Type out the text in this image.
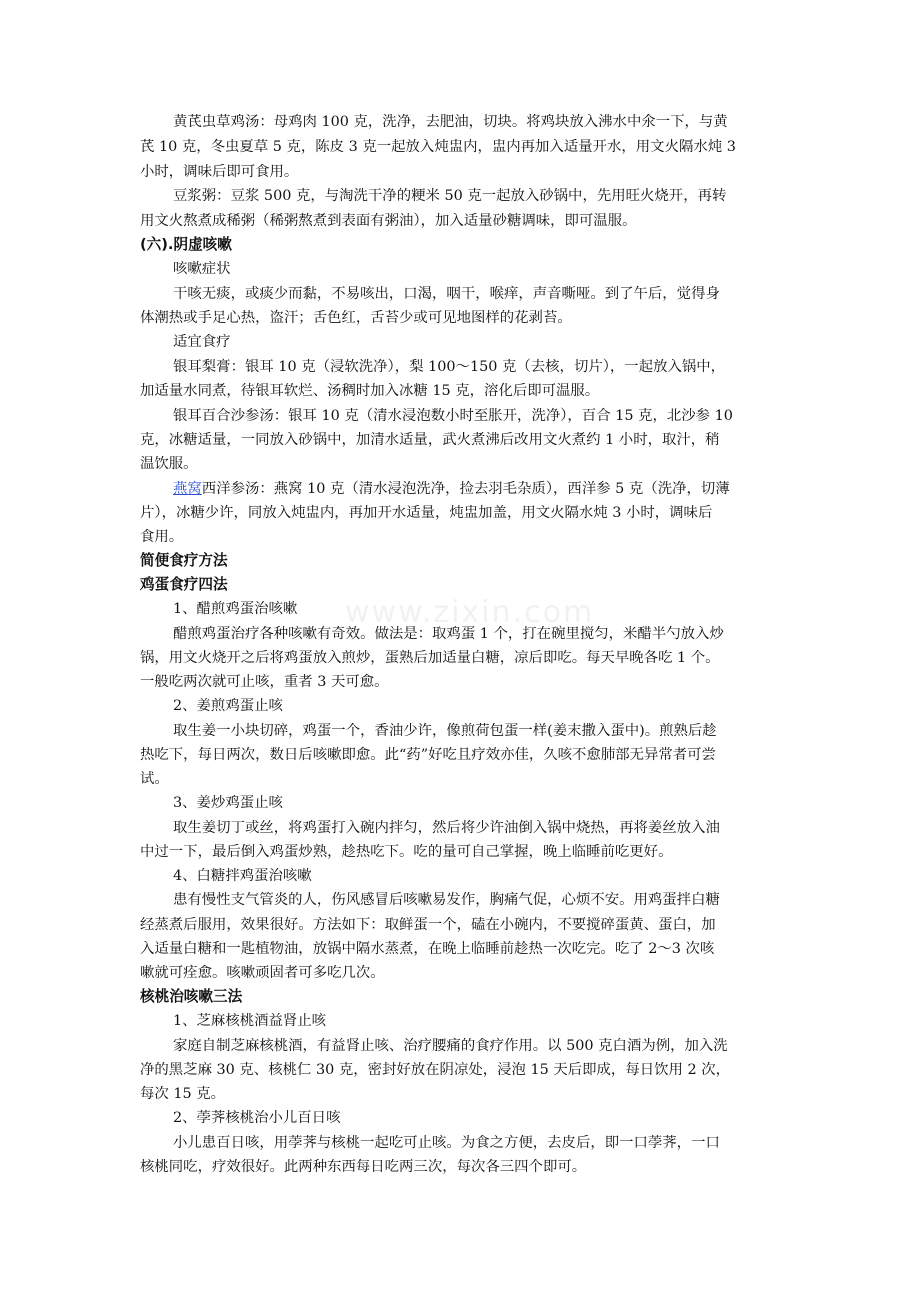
www.zixin.com

黄芪虫草鸡汤：母鸡肉 100 克，洗净，去肥油，切块。将鸡块放入沸水中氽一下，与黄

芪 10 克，冬虫夏草 5 克，陈皮 3 克一起放入炖盅内，盅内再加入适量开水，用文火隔水炖 3

小时，调味后即可食用。

豆浆粥：豆浆 500 克，与淘洗干净的粳米 50 克一起放入砂锅中，先用旺火烧开，再转

用文火熬煮成稀粥（稀粥熬煮到表面有粥油），加入适量砂糖调味，即可温服。

(六).阴虚咳嗽

咳嗽症状

干咳无痰，或痰少而黏，不易咳出，口渴，咽干，喉痒，声音嘶哑。到了午后，觉得身

体潮热或手足心热，盗汗；舌色红，舌苔少或可见地图样的花剥苔。

适宜食疗

银耳梨膏：银耳 10 克（浸软洗净），梨 100～150 克（去核，切片），一起放入锅中，

加适量水同煮，待银耳软烂、汤稠时加入冰糖 15 克，溶化后即可温服。

银耳百合沙参汤：银耳 10 克（清水浸泡数小时至胀开，洗净），百合 15 克，北沙参 10

克，冰糖适量，一同放入砂锅中，加清水适量，武火煮沸后改用文火煮约 1 小时，取汁，稍

温饮服。

燕窝西洋参汤：燕窝 10 克（清水浸泡洗净，捡去羽毛杂质），西洋参 5 克（洗净，切薄

片），冰糖少许，同放入炖盅内，再加开水适量，炖盅加盖，用文火隔水炖 3 小时，调味后

食用。

简便食疗方法

鸡蛋食疗四法

1、醋煎鸡蛋治咳嗽

醋煎鸡蛋治疗各种咳嗽有奇效。做法是：取鸡蛋 1 个，打在碗里搅匀，米醋半勺放入炒

锅，用文火烧开之后将鸡蛋放入煎炒，蛋熟后加适量白糖，凉后即吃。每天早晚各吃 1 个。

一般吃两次就可止咳，重者 3 天可愈。

2、姜煎鸡蛋止咳

取生姜一小块切碎，鸡蛋一个，香油少许，像煎荷包蛋一样(姜末撒入蛋中)。煎熟后趁

热吃下，每日两次，数日后咳嗽即愈。此“药”好吃且疗效亦佳，久咳不愈肺部无异常者可尝

试。

3、姜炒鸡蛋止咳

取生姜切丁或丝，将鸡蛋打入碗内拌匀，然后将少许油倒入锅中烧热，再将姜丝放入油

中过一下，最后倒入鸡蛋炒熟，趁热吃下。吃的量可自己掌握，晚上临睡前吃更好。

4、白糖拌鸡蛋治咳嗽

患有慢性支气管炎的人，伤风感冒后咳嗽易发作，胸痛气促，心烦不安。用鸡蛋拌白糖

经蒸煮后服用，效果很好。方法如下：取鲜蛋一个，磕在小碗内，不要搅碎蛋黄、蛋白，加

入适量白糖和一匙植物油，放锅中隔水蒸煮，在晚上临睡前趁热一次吃完。吃了 2～3 次咳

嗽就可痊愈。咳嗽顽固者可多吃几次。

核桃治咳嗽三法

1、芝麻核桃酒益肾止咳

家庭自制芝麻核桃酒，有益肾止咳、治疗腰痛的食疗作用。以 500 克白酒为例，加入洗

净的黑芝麻 30 克、核桃仁 30 克，密封好放在阴凉处，浸泡 15 天后即成，每日饮用 2 次，

每次 15 克。

2、荸荠核桃治小儿百日咳

小儿患百日咳，用荸荠与核桃一起吃可止咳。为食之方便，去皮后，即一口荸荠，一口

核桃同吃，疗效很好。此两种东西每日吃两三次，每次各三四个即可。
